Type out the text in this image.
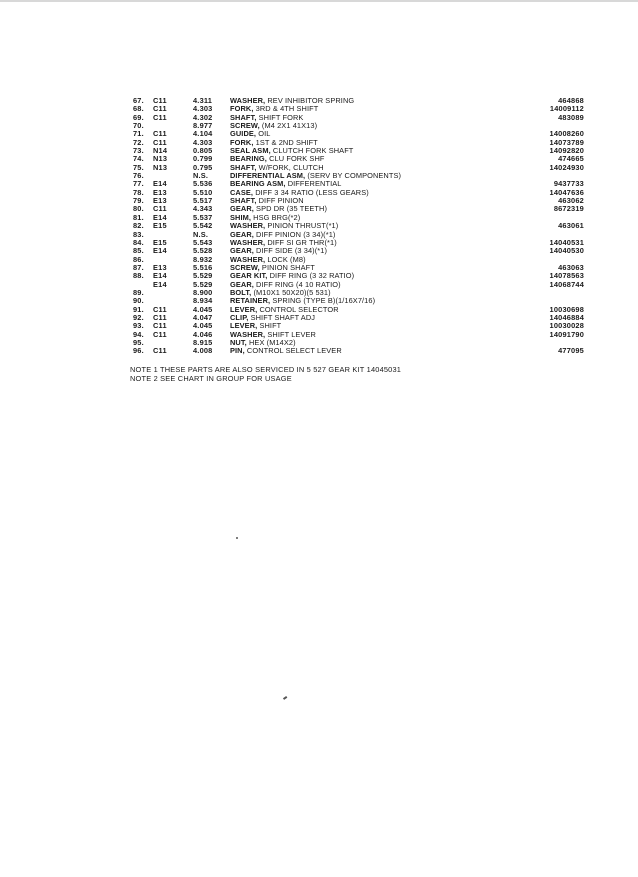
67. C11	4.311 WASHER, REV INHIBITOR SPRING	464868
68. C11	4.303 FORK, 3RD & 4TH SHIFT	14009112
69. C11	4.302 SHAFT, SHIFT FORK	483089
70.	8.977 SCREW, (M4 2X1 41X13)
71. C11	4.104 GUIDE, OIL	14008260
72. C11	4.303 FORK, 1ST & 2ND SHIFT	14073789
73. N14	0.805 SEAL ASM, CLUTCH FORK SHAFT	14092820
74. N13	0.799 BEARING, CLU FORK SHF	474665
75. N13	0.795 SHAFT, W/FORK, CLUTCH	14024930
76.	N.S.	DIFFERENTIAL ASM, (SERV BY COMPONENTS)
77. E14	5.536 BEARING ASM, DIFFERENTIAL	9437733
78. E13	5.510 CASE, DIFF 3 34 RATIO (LESS GEARS)	14047636
79. E13	5.517 SHAFT, DIFF PINION	463062
80. C11	4.343 GEAR, SPD DR (35 TEETH)	8672319
81. E14	5.537 SHIM, HSG BRG(*2)
82. E15	5.542 WASHER, PINION THRUST(*1)	463061
83.	N.S.	GEAR, DIFF PINION (3 34)(*1)
84. E15	5.543 WASHER, DIFF SI GR THR(*1)	14040531
85. E14	5.528 GEAR, DIFF SIDE (3 34)(*1)	14040530
86.	8.932 WASHER, LOCK (M8)
87. E13	5.516 SCREW, PINION SHAFT	463063
88. E14	5.529 GEAR KIT, DIFF RING (3 32 RATIO)	14078563
E14	5.529 GEAR, DIFF RING (4 10 RATIO)	14068744
89.	8.900 BOLT, (M10X1 50X20)(5 531)
90.	8.934 RETAINER, SPRING (TYPE B)(1/16X7/16)
91. C11	4.045 LEVER, CONTROL SELECTOR	10030698
92. C11	4.047 CLIP, SHIFT SHAFT ADJ	14046884
93. C11	4.045 LEVER, SHIFT	10030028
94. C11	4.046 WASHER, SHIFT LEVER	14091790
95.	8.915 NUT, HEX (M14X2)
96. C11	4.008 PIN, CONTROL SELECT LEVER	477095
NOTE 1 THESE PARTS ARE ALSO SERVICED IN 5 527 GEAR KIT 14045031
NOTE 2 SEE CHART IN GROUP FOR USAGE
